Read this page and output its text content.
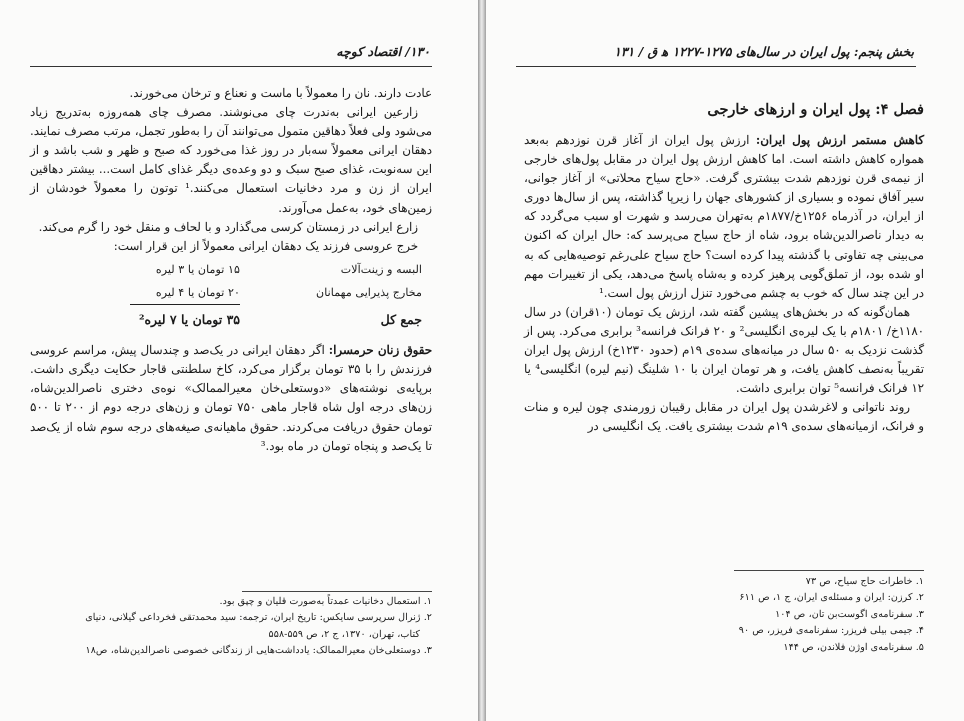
۱۳۰/ اقتصاد کوچه

عادت دارند. نان را معمولاً با ماست و نعناع و ترخان می‌خورند.

زارعین ایرانی به‌ندرت چای می‌نوشند. مصرف چای همه‌روزه به‌تدریج زیاد می‌شود ولی فعلاً دهاقین متمول می‌توانند آن را به‌طور تجمل، مرتب مصرف نمایند. دهقان ایرانی معمولاً سه‌بار در روز غذا می‌خورد که صبح و ظهر و شب باشد و از این سه‌نوبت، غذای صبح سبک و دو وعده‌ی دیگر غذای کامل است... بیشتر دهاقین ایران از زن و مرد دخانیات استعمال می‌کنند.¹ توتون را معمولاً خودشان از زمین‌های خود، به‌عمل می‌آورند.

زارع ایرانی در زمستان کرسی می‌گذارد و با لحاف و منقل خود را گرم می‌کند.

خرج عروسی فرزند یک دهقان ایرانی معمولاً از این قرار است:

البسه و زینت‌آلات	۱۵ تومان یا ۳ لیره
مخارج پذیرایی مهمانان	۲۰ تومان یا ۴ لیره
جمع کل	۳۵ تومان یا ۷ لیره²

حقوق زنان حرمسرا: اگر دهقان ایرانی در یک‌صد و چندسال پیش، مراسم عروسی فرزندش را با ۳۵ تومان برگزار می‌کرد، کاخ سلطنتی قاجار حکایت دیگری داشت. برپایه‌ی نوشته‌های «دوستعلی‌خان معیرالممالک» نوه‌ی دختری ناصرالدین‌شاه، زن‌های درجه اول شاه قاجار ماهی ۷۵۰ تومان و زن‌های درجه دوم از ۲۰۰ تا ۵۰۰ تومان حقوق دریافت می‌کردند. حقوق ماهیانه‌ی صیغه‌های درجه سوم شاه از یک‌صد تا یک‌صد و پنجاه تومان در ماه بود.³

۱. استعمال دخانیات عمدتاً به‌صورت قلیان و چپق بود.
۲. ژنرال سرپرسی سایکس: تاریخ ایران، ترجمه: سید محمدتقی فخرداعی گیلانی، دنیای
کتاب، تهران، ۱۳۷۰، ج ۲، ص ۵۵۹-۵۵۸
۳. دوستعلی‌خان معیرالممالک: یادداشت‌هایی از زندگانی خصوصی ناصرالدین‌شاه، ص۱۸
بخش پنجم: پول ایران در سال‌های ۱۲۷۵-۱۲۲۷ ه‍ ق / ۱۳۱
فصل ۴: پول ایران و ارزهای خارجی

کاهش مستمر ارزش پول ایران: ارزش پول ایران از آغاز قرن نوزدهم به‌بعد همواره کاهش داشته است. اما کاهش ارزش پول ایران در مقابل پول‌های خارجی از نیمه‌ی قرن نوزدهم شدت بیشتری گرفت. «حاج سیاح محلاتی» از آغاز جوانی، سیر آفاق نموده و بسیاری از کشورهای جهان را زیرپا گذاشته، پس از سال‌ها دوری از ایران، در آذرماه ۱۲۵۶خ/۱۸۷۷م به‌تهران می‌رسد و شهرت او سبب می‌گردد که به دیدار ناصرالدین‌شاه برود، شاه از حاج سیاح می‌پرسد که: حال ایران که اکنون می‌بینی چه تفاوتی با گذشته پیدا کرده است؟ حاج سیاح علی‌رغم توصیه‌هایی که به او شده بود، از تملق‌گویی پرهیز کرده و به‌شاه پاسخ می‌دهد، یکی از تغییرات مهم در این چند سال که خوب به چشم می‌خورد تنزل ارزش پول است.¹

همان‌گونه که در بخش‌های پیشین گفته شد، ارزش یک تومان (۱۰قران) در سال ۱۱۸۰خ/ ۱۸۰۱م با یک لیره‌ی انگلیسی² و ۲۰ فرانک فرانسه³ برابری می‌کرد. پس از گذشت نزدیک به ۵۰ سال در میانه‌های سده‌ی ۱۹م (حدود ۱۲۳۰خ) ارزش پول ایران تقریباً به‌نصف کاهش یافت، و هر تومان ایران با ۱۰ شلینگ (نیم لیره) انگلیسی⁴ یا ۱۲ فرانک فرانسه⁵ توان برابری داشت.

روند ناتوانی و لاغرشدن پول ایران در مقابل رقیبان زورمندی چون لیره و منات و فرانک، ازمیانه‌های سده‌ی ۱۹م شدت بیشتری یافت. یک انگلیسی در

۱. خاطرات حاج سیاح، ص ۷۳
۲. کرزن: ایران و مسئله‌ی ایران، ج ۱، ص ۶۱۱
۳. سفرنامه‌ی اگوست‌بن تان، ص ۱۰۴
۴. جیمی بیلی فریزر: سفرنامه‌ی فریزر، ص ۹۰
۵. سفرنامه‌ی اوژن فلاندن، ص ۱۴۴
